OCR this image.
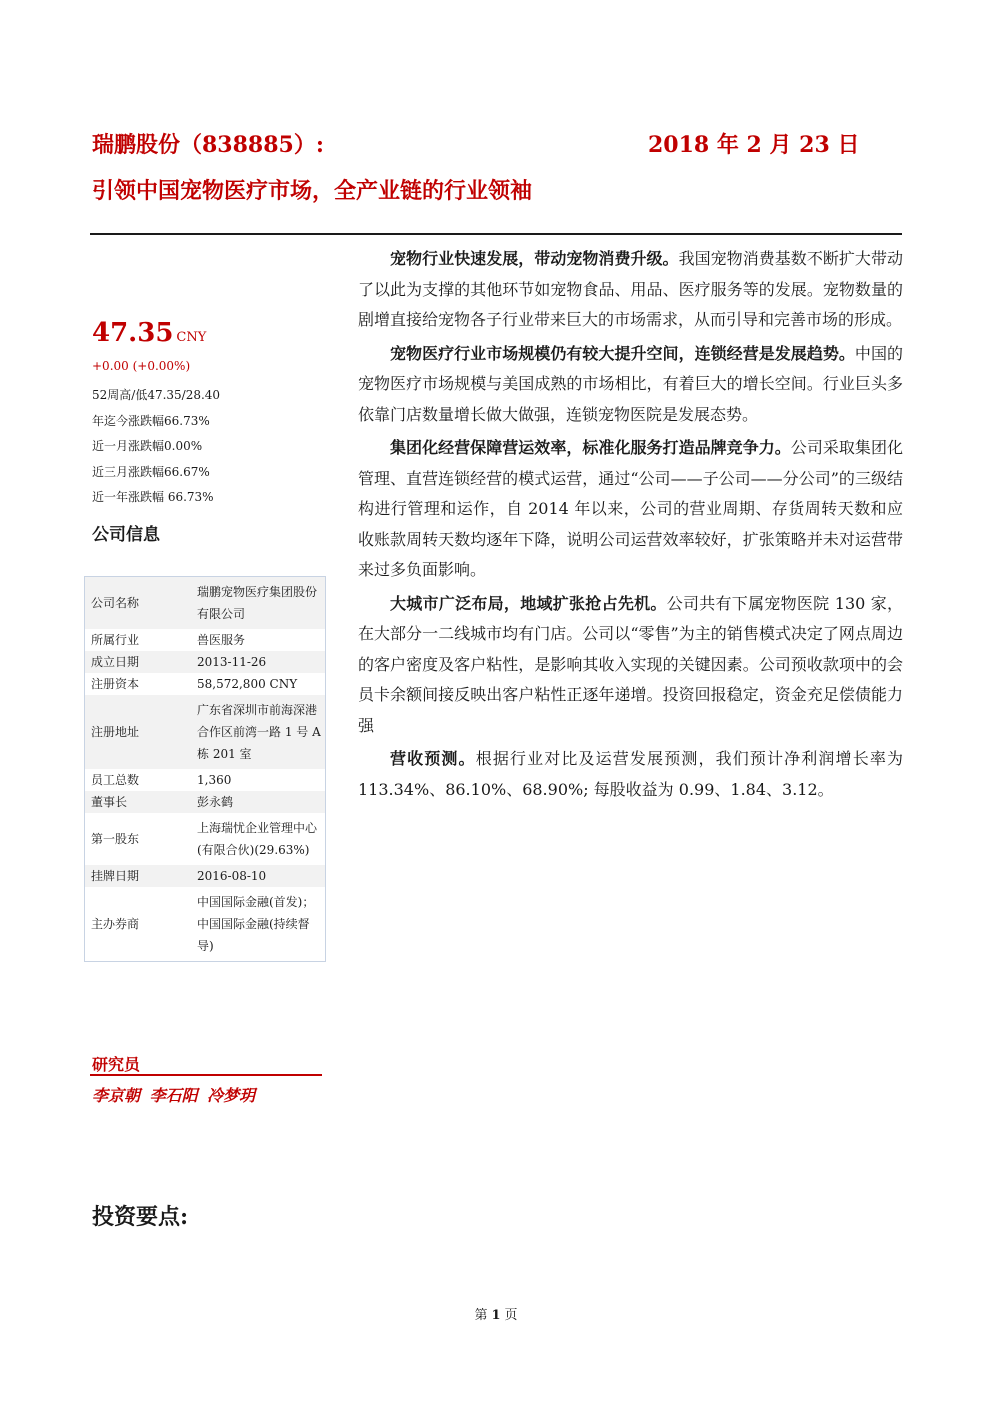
瑞鹏股份（838885）:	2018 年 2 月 23 日
引领中国宠物医疗市场，全产业链的行业领袖
47.35 CNY
+0.00 (+0.00%)
52周高/低47.35/28.40
年迄今涨跌幅66.73%
近一月涨跌幅0.00%
近三月涨跌幅66.67%
近一年涨跌幅 66.73%
公司信息
公司名称	瑞鹏宠物医疗集团股份有限公司
所属行业	兽医服务
成立日期	2013-11-26
注册资本	58,572,800 CNY
注册地址	广东省深圳市前海深港合作区前湾一路 1 号 A 栋 201 室
员工总数	1,360
董事长	彭永鹤
第一股东	上海瑞忧企业管理中心(有限合伙)(29.63%)
挂牌日期	2016-08-10
主办券商	中国国际金融(首发)；中国国际金融(持续督导)
研究员
李京朝 李石阳 冷梦玥
投资要点:

宠物行业快速发展，带动宠物消费升级。我国宠物消费基数不断扩大带动了以此为支撑的其他环节如宠物食品、用品、医疗服务等的发展。宠物数量的剧增直接给宠物各子行业带来巨大的市场需求，从而引导和完善市场的形成。

宠物医疗行业市场规模仍有较大提升空间，连锁经营是发展趋势。中国的宠物医疗市场规模与美国成熟的市场相比，有着巨大的增长空间。行业巨头多依靠门店数量增长做大做强，连锁宠物医院是发展态势。

集团化经营保障营运效率，标准化服务打造品牌竞争力。公司采取集团化管理、直营连锁经营的模式运营，通过“公司——子公司——分公司”的三级结构进行管理和运作，自 2014 年以来，公司的营业周期、存货周转天数和应收账款周转天数均逐年下降，说明公司运营效率较好，扩张策略并未对运营带来过多负面影响。

大城市广泛布局，地域扩张抢占先机。公司共有下属宠物医院 130 家，在大部分一二线城市均有门店。公司以“零售”为主的销售模式决定了网点周边的客户密度及客户粘性，是影响其收入实现的关键因素。公司预收款项中的会员卡余额间接反映出客户粘性正逐年递增。投资回报稳定，资金充足偿债能力强

营收预测。根据行业对比及运营发展预测，我们预计净利润增长率为 113.34%、86.10%、68.90%; 每股收益为 0.99、1.84、3.12。

第 1 页
